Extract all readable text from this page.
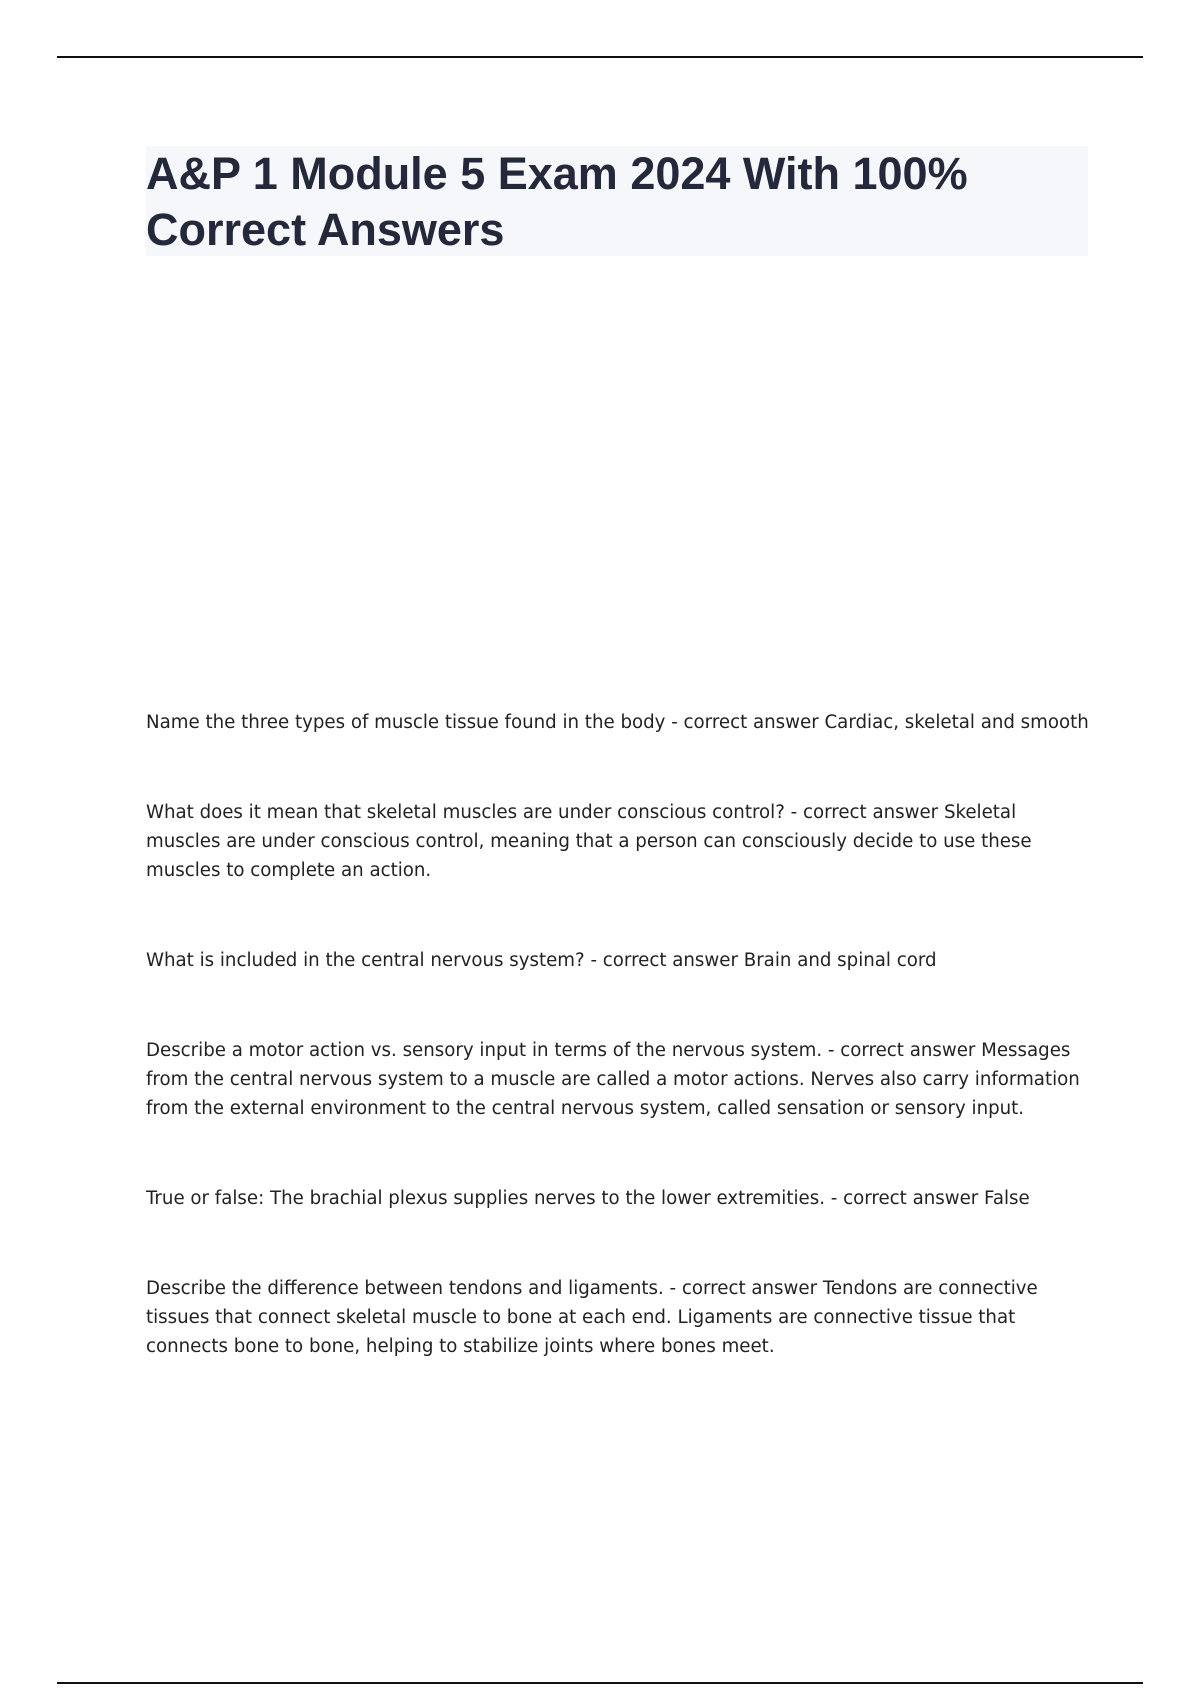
A&P 1 Module 5 Exam 2024 With 100% Correct Answers

Name the three types of muscle tissue found in the body - correct answer Cardiac, skeletal and smooth

What does it mean that skeletal muscles are under conscious control? - correct answer Skeletal muscles are under conscious control, meaning that a person can consciously decide to use these muscles to complete an action.

What is included in the central nervous system? - correct answer Brain and spinal cord

Describe a motor action vs. sensory input in terms of the nervous system. - correct answer Messages from the central nervous system to a muscle are called a motor actions. Nerves also carry information from the external environment to the central nervous system, called sensation or sensory input.

True or false: The brachial plexus supplies nerves to the lower extremities. - correct answer False

Describe the difference between tendons and ligaments. - correct answer Tendons are connective tissues that connect skeletal muscle to bone at each end. Ligaments are connective tissue that connects bone to bone, helping to stabilize joints where bones meet.
